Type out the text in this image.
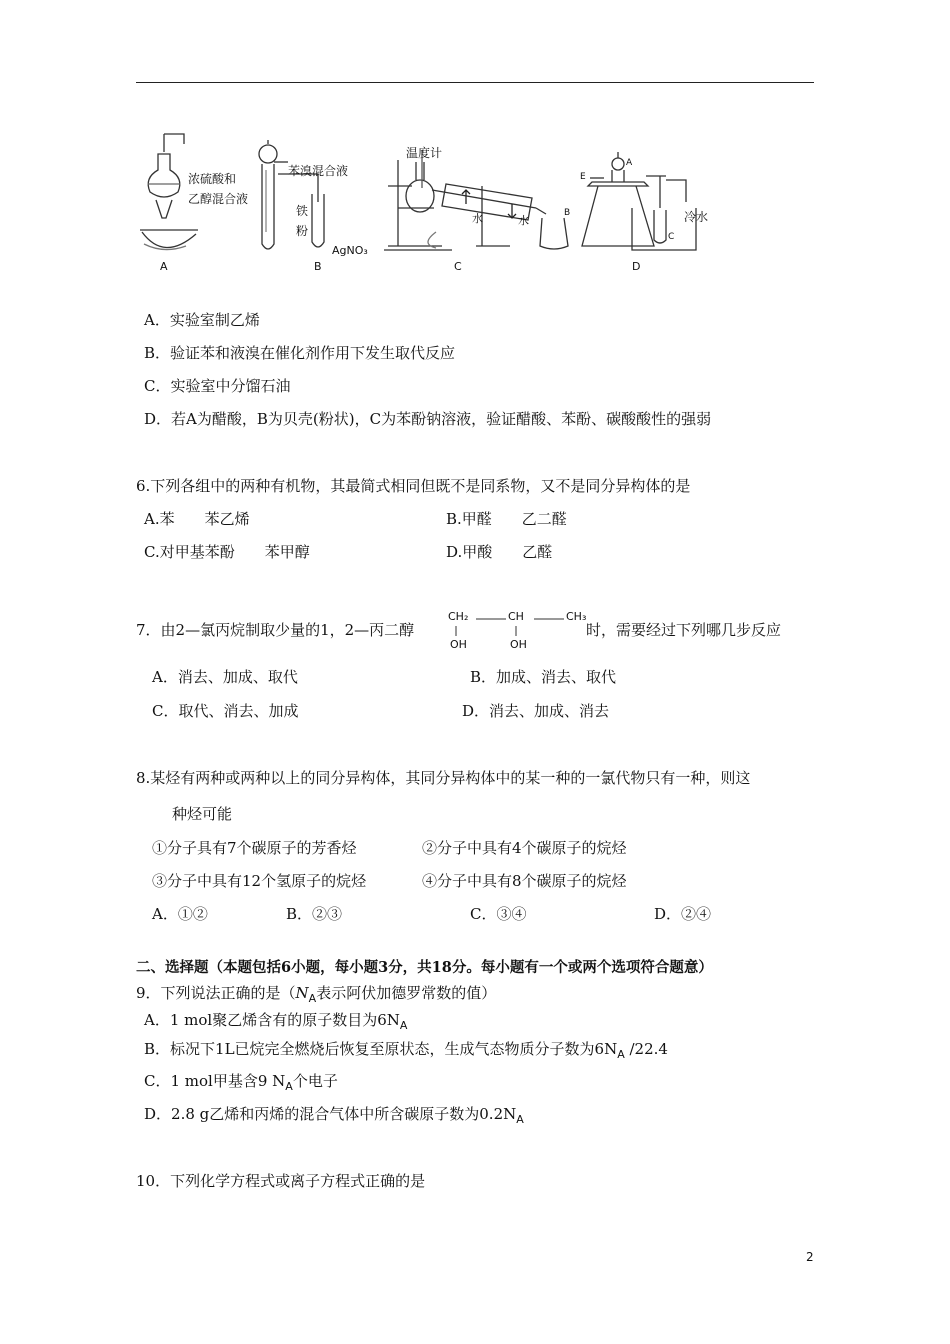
浓硫酸和
乙醇混合液
苯溴混合液
铁
粉
AgNO₃
温度计
水	水
A
B
C
E
冷水
A	B	C	D
A．实验室制乙烯
B．验证苯和液溴在催化剂作用下发生取代反应
C．实验室中分馏石油
D．若A为醋酸，B为贝壳(粉状)，C为苯酚钠溶液，验证醋酸、苯酚、碳酸酸性的强弱
6.下列各组中的两种有机物，其最简式相同但既不是同系物，又不是同分异构体的是
A.苯　　苯乙烯	B.甲醛　　乙二醛
C.对甲基苯酚　　苯甲醇	D.甲酸　　乙醛
7．由2—氯丙烷制取少量的1，2—丙二醇
CH₂	CH	CH₃
OH	OH
时，需要经过下列哪几步反应
A．消去、加成、取代	B．加成、消去、取代
C．取代、消去、加成	D．消去、加成、消去
8.某烃有两种或两种以上的同分异构体，其同分异构体中的某一种的一氯代物只有一种，则这
种烃可能
①分子具有7个碳原子的芳香烃	②分子中具有4个碳原子的烷烃
③分子中具有12个氢原子的烷烃	④分子中具有8个碳原子的烷烃
A．①②	B．②③	C．③④	D．②④
二、选择题（本题包括6小题，每小题3分，共18分。每小题有一个或两个选项符合题意）
9．下列说法正确的是（$N_A$表示阿伏加德罗常数的值）
A．1 mol聚乙烯含有的原子数目为$6N_A$
B．标况下1L已烷完全燃烧后恢复至原状态，生成气态物质分子数为$6N_A$ /22.4
C．1 mol甲基含9 $N_A$个电子
D．2.8 g乙烯和丙烯的混合气体中所含碳原子数为$0.2N_A$
10．下列化学方程式或离子方程式正确的是
2
